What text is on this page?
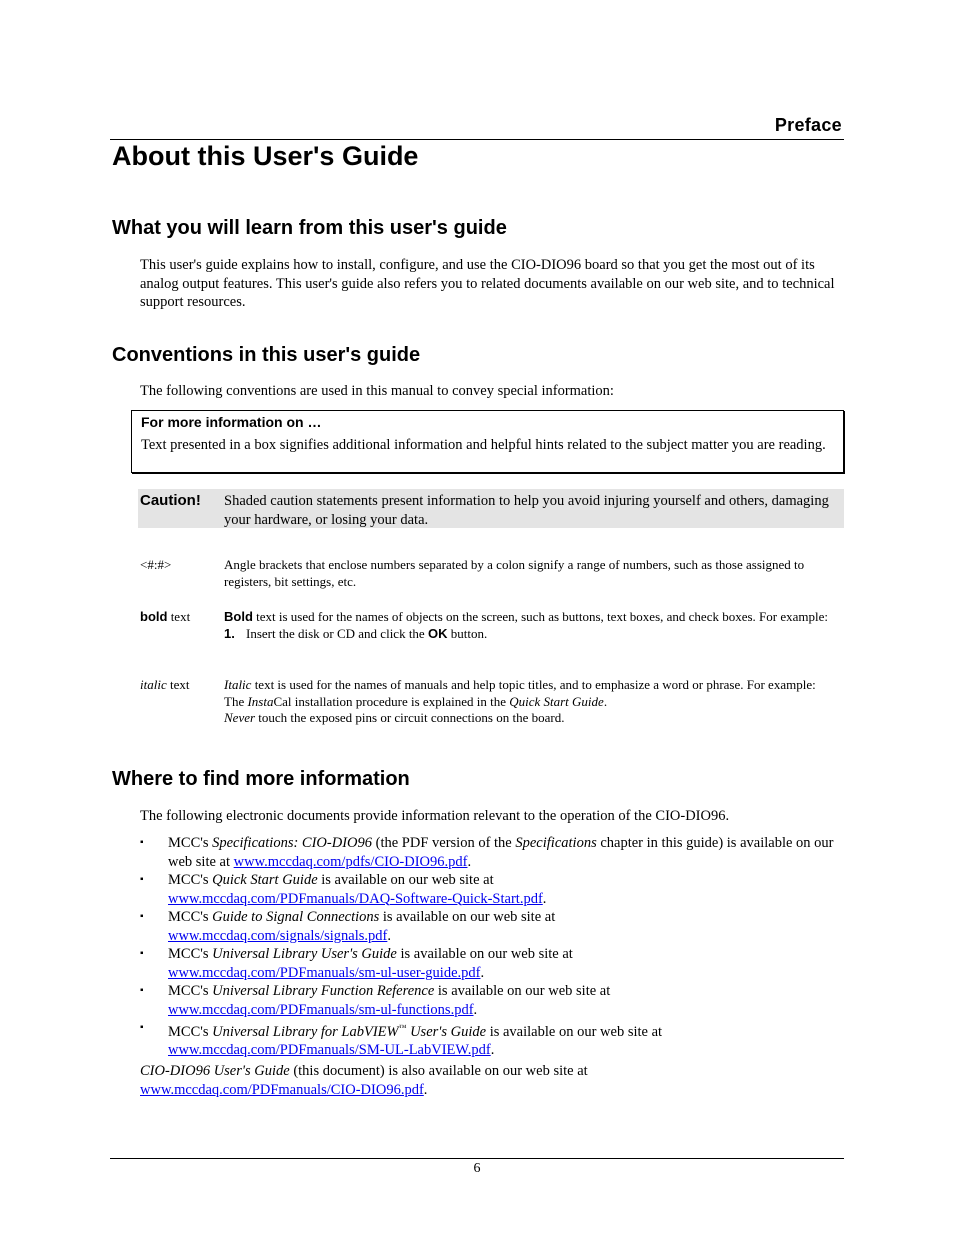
Preface
About this User's Guide
What you will learn from this user's guide
This user's guide explains how to install, configure, and use the CIO-DIO96 board so that you get the most out of its analog output features. This user's guide also refers you to related documents available on our web site, and to technical support resources.
Conventions in this user's guide
The following conventions are used in this manual to convey special information:
For more information on …
Text presented in a box signifies additional information and helpful hints related to the subject matter you are reading.
Caution! Shaded caution statements present information to help you avoid injuring yourself and others, damaging your hardware, or losing your data.
<#:#>	Angle brackets that enclose numbers separated by a colon signify a range of numbers, such as those assigned to registers, bit settings, etc.
bold text	Bold text is used for the names of objects on the screen, such as buttons, text boxes, and check boxes. For example:
1. Insert the disk or CD and click the OK button.
italic text	Italic text is used for the names of manuals and help topic titles, and to emphasize a word or phrase. For example:
The InstaCal installation procedure is explained in the Quick Start Guide.
Never touch the exposed pins or circuit connections on the board.
Where to find more information
The following electronic documents provide information relevant to the operation of the CIO-DIO96.
▪ MCC's Specifications: CIO-DIO96 (the PDF version of the Specifications chapter in this guide) is available on our web site at www.mccdaq.com/pdfs/CIO-DIO96.pdf.
▪ MCC's Quick Start Guide is available on our web site at
www.mccdaq.com/PDFmanuals/DAQ-Software-Quick-Start.pdf.
▪ MCC's Guide to Signal Connections is available on our web site at
www.mccdaq.com/signals/signals.pdf.
▪ MCC's Universal Library User's Guide is available on our web site at
www.mccdaq.com/PDFmanuals/sm-ul-user-guide.pdf.
▪ MCC's Universal Library Function Reference is available on our web site at
www.mccdaq.com/PDFmanuals/sm-ul-functions.pdf.
▪ MCC's Universal Library for LabVIEW™ User's Guide is available on our web site at
www.mccdaq.com/PDFmanuals/SM-UL-LabVIEW.pdf.
CIO-DIO96 User's Guide (this document) is also available on our web site at
www.mccdaq.com/PDFmanuals/CIO-DIO96.pdf.
6
